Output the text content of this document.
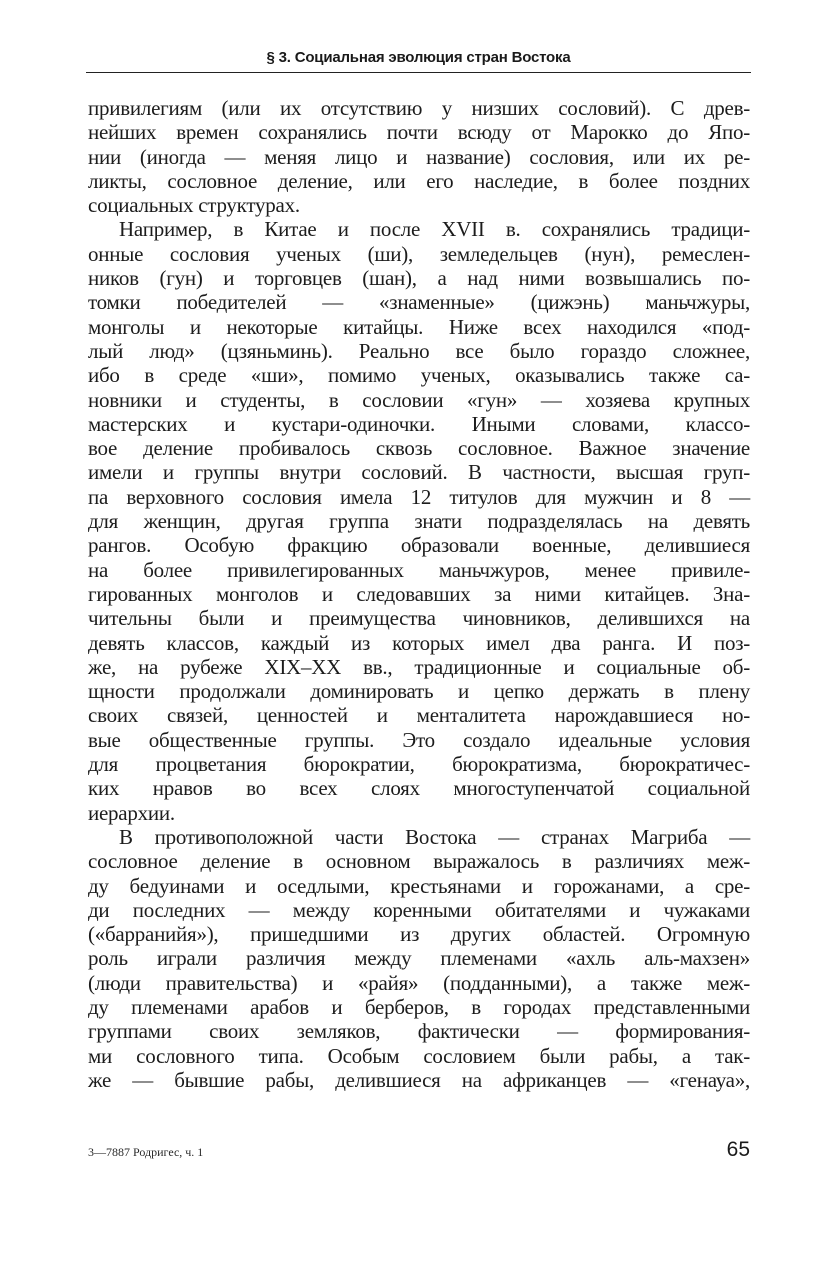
§ 3. Социальная эволюция стран Востока
привилегиям (или их отсутствию у низших сословий). С древ-
нейших времен сохранялись почти всюду от Марокко до Япо-
нии (иногда — меняя лицо и название) сословия, или их ре-
ликты, сословное деление, или его наследие, в более поздних
социальных структурах.
Например, в Китае и после XVII в. сохранялись традици-
онные сословия ученых (ши), земледельцев (нун), ремеслен-
ников (гун) и торговцев (шан), а над ними возвышались по-
томки победителей — «знаменные» (цижэнь) маньчжуры,
монголы и некоторые китайцы. Ниже всех находился «под-
лый люд» (цзяньминь). Реально все было гораздо сложнее,
ибо в среде «ши», помимо ученых, оказывались также са-
новники и студенты, в сословии «гун» — хозяева крупных
мастерских и кустари-одиночки. Иными словами, классо-
вое деление пробивалось сквозь сословное. Важное значение
имели и группы внутри сословий. В частности, высшая груп-
па верховного сословия имела 12 титулов для мужчин и 8 —
для женщин, другая группа знати подразделялась на девять
рангов. Особую фракцию образовали военные, делившиеся
на более привилегированных маньчжуров, менее привиле-
гированных монголов и следовавших за ними китайцев. Зна-
чительны были и преимущества чиновников, делившихся на
девять классов, каждый из которых имел два ранга. И поз-
же, на рубеже XIX–XX вв., традиционные и социальные об-
щности продолжали доминировать и цепко держать в плену
своих связей, ценностей и менталитета нарождавшиеся но-
вые общественные группы. Это создало идеальные условия
для процветания бюрократии, бюрократизма, бюрократичес-
ких нравов во всех слоях многоступенчатой социальной
иерархии.
В противоположной части Востока — странах Магриба —
сословное деление в основном выражалось в различиях меж-
ду бедуинами и оседлыми, крестьянами и горожанами, а сре-
ди последних — между коренными обитателями и чужаками
(«барранийя»), пришедшими из других областей. Огромную
роль играли различия между племенами «ахль аль-махзен»
(люди правительства) и «райя» (подданными), а также меж-
ду племенами арабов и берберов, в городах представленными
группами своих земляков, фактически — формирования-
ми сословного типа. Особым сословием были рабы, а так-
же — бывшие рабы, делившиеся на африканцев — «генауа»,
3—7887 Родригес, ч. 1	65
